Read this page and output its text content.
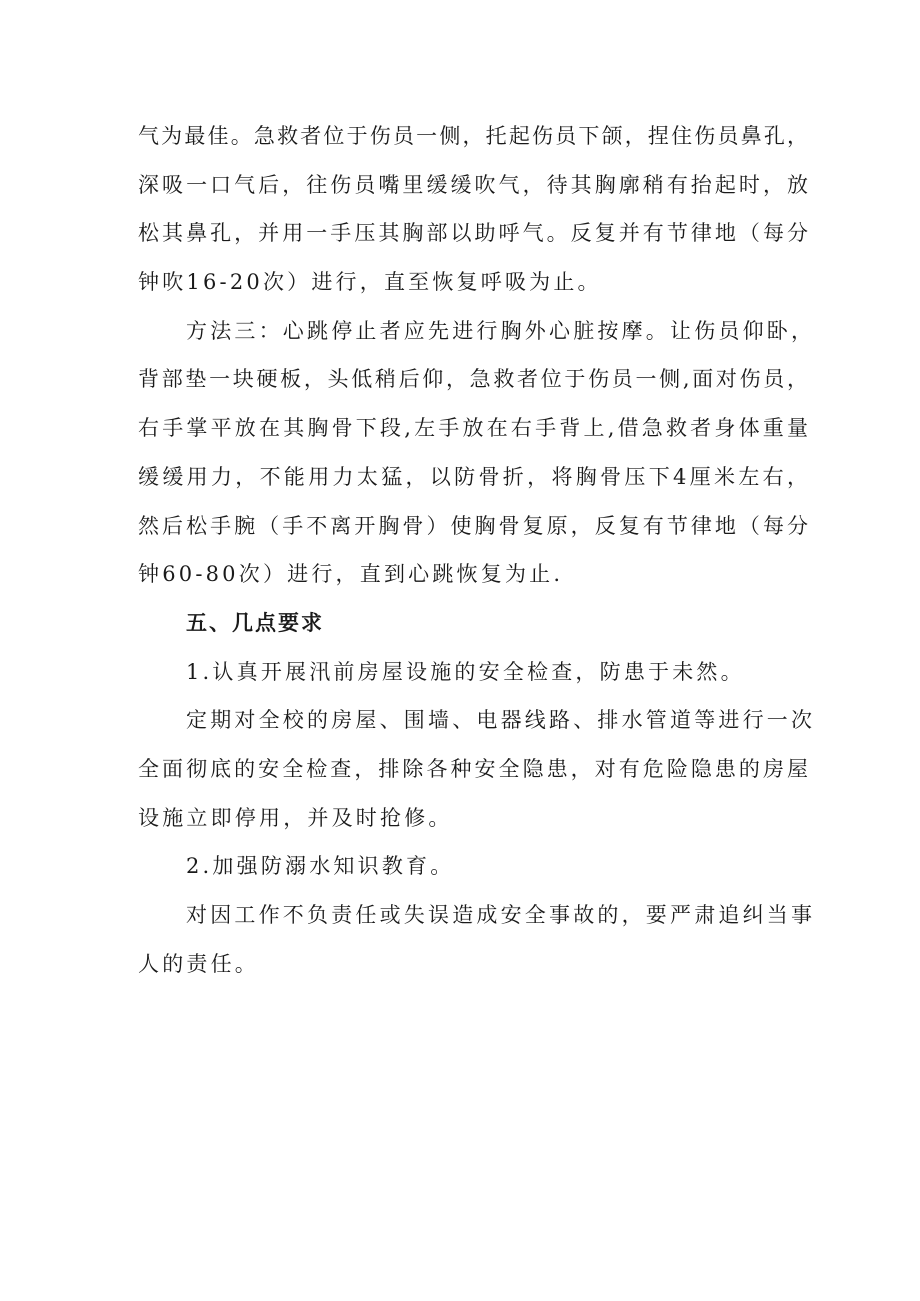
气为最佳。急救者位于伤员一侧，托起伤员下颌，捏住伤员鼻孔，
深吸一口气后，往伤员嘴里缓缓吹气，待其胸廓稍有抬起时，放
松其鼻孔，并用一手压其胸部以助呼气。反复并有节律地（每分
钟吹16-20次）进行，直至恢复呼吸为止。
方法三：心跳停止者应先进行胸外心脏按摩。让伤员仰卧，
背部垫一块硬板，头低稍后仰，急救者位于伤员一侧,面对伤员，
右手掌平放在其胸骨下段,左手放在右手背上,借急救者身体重量
缓缓用力，不能用力太猛，以防骨折，将胸骨压下4厘米左右，
然后松手腕（手不离开胸骨）使胸骨复原，反复有节律地（每分
钟60-80次）进行，直到心跳恢复为止.
五、几点要求
1.认真开展汛前房屋设施的安全检查，防患于未然。
定期对全校的房屋、围墙、电器线路、排水管道等进行一次
全面彻底的安全检查，排除各种安全隐患，对有危险隐患的房屋
设施立即停用，并及时抢修。
2.加强防溺水知识教育。
对因工作不负责任或失误造成安全事故的，要严肃追纠当事
人的责任。
